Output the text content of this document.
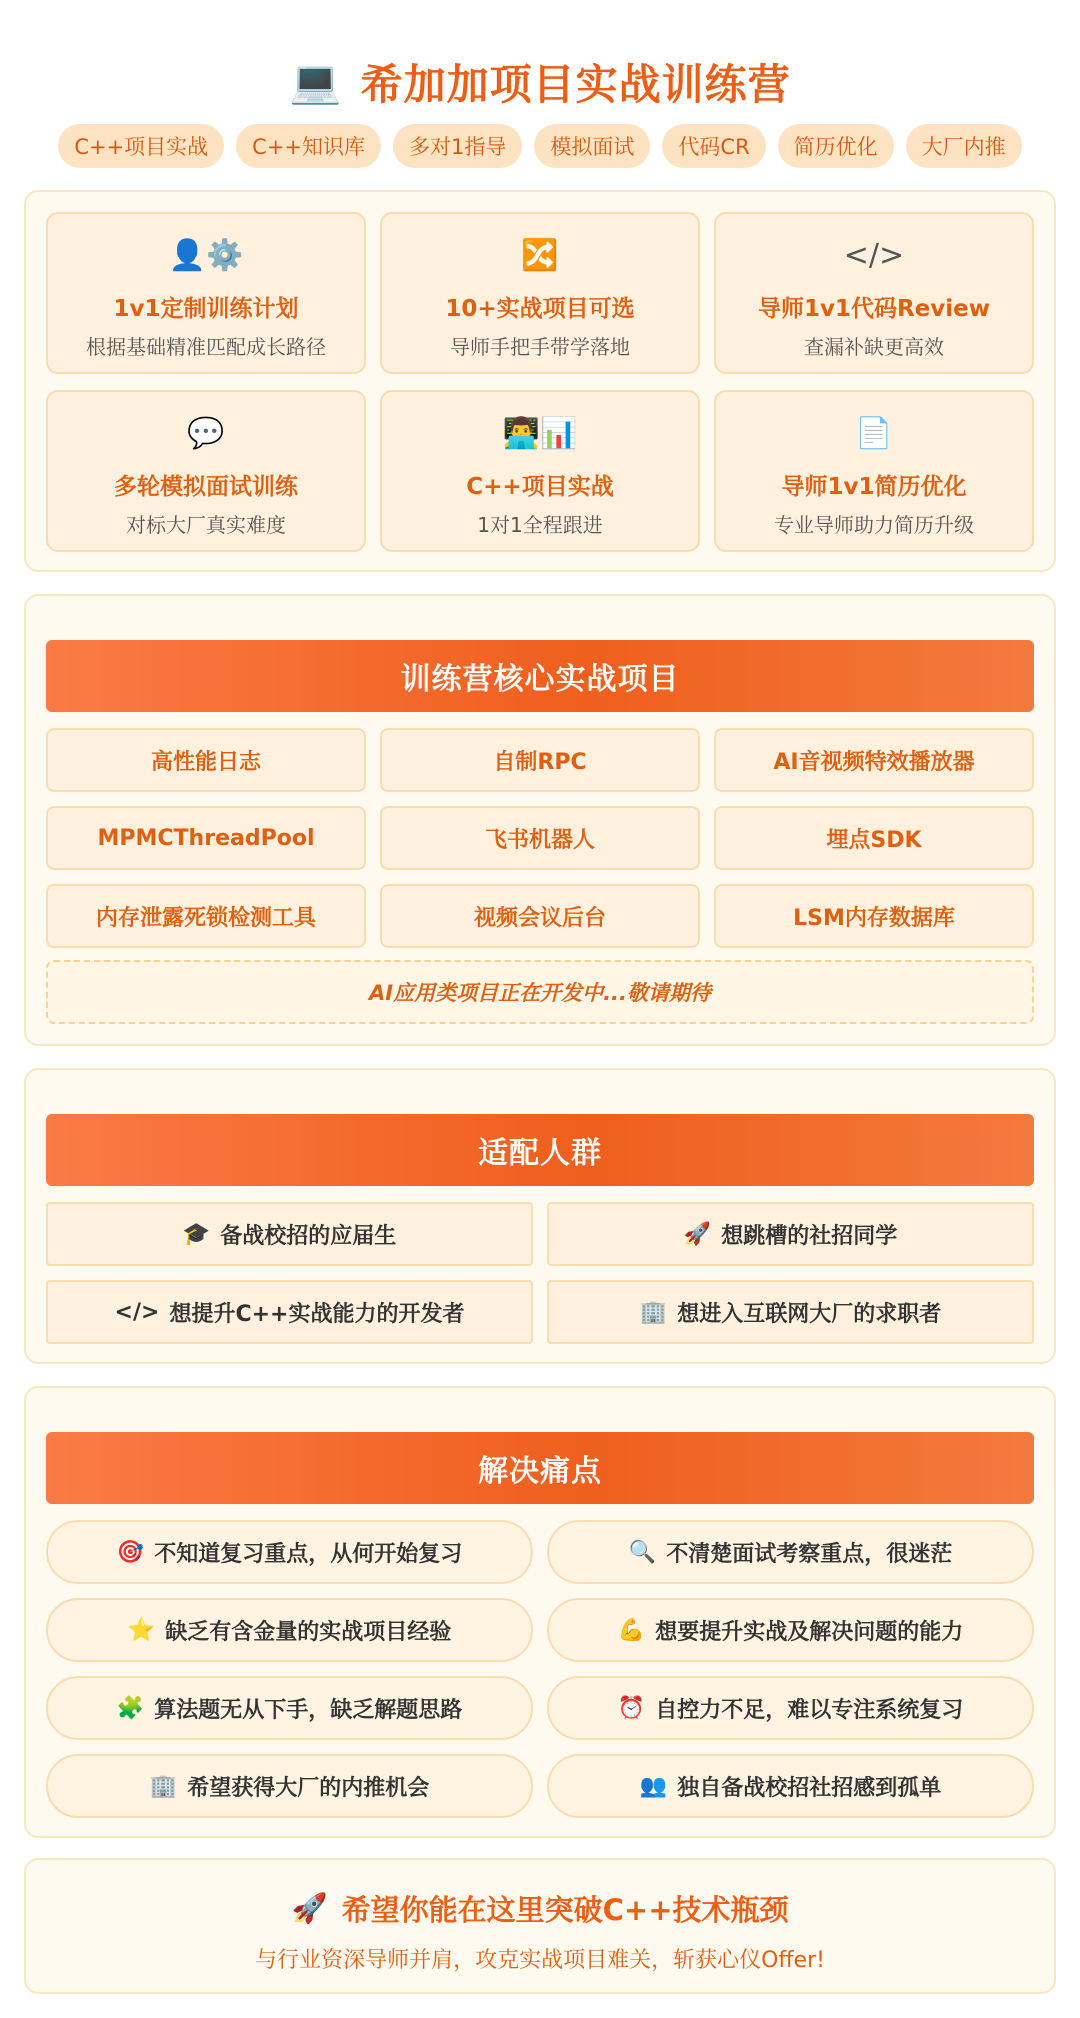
💻 希加加项目实战训练营
C++项目实战	C++知识库	多对1指导	模拟面试	代码CR	简历优化	大厂内推
👤⚙️
1v1定制训练计划
根据基础精准匹配成长路径
🔀
10+实战项目可选
导师手把手带学落地
</>
导师1v1代码Review
查漏补缺更高效
💬
多轮模拟面试训练
对标大厂真实难度
👨‍💻📊
C++项目实战
1对1全程跟进
📄
导师1v1简历优化
专业导师助力简历升级
训练营核心实战项目
高性能日志	自制RPC	AI音视频特效播放器
MPMCThreadPool	飞书机器人	埋点SDK
内存泄露死锁检测工具	视频会议后台	LSM内存数据库
AI应用类项目正在开发中...敬请期待
适配人群
🎓 备战校招的应届生	🚀 想跳槽的社招同学
</> 想提升C++实战能力的开发者	🏢 想进入互联网大厂的求职者
解决痛点
🎯 不知道复习重点，从何开始复习	🔍 不清楚面试考察重点，很迷茫
⭐ 缺乏有含金量的实战项目经验	💪 想要提升实战及解决问题的能力
🧩 算法题无从下手，缺乏解题思路	⏰ 自控力不足，难以专注系统复习
🏢 希望获得大厂的内推机会	👥 独自备战校招社招感到孤单
🚀 希望你能在这里突破C++技术瓶颈
与行业资深导师并肩，攻克实战项目难关，斩获心仪Offer!
